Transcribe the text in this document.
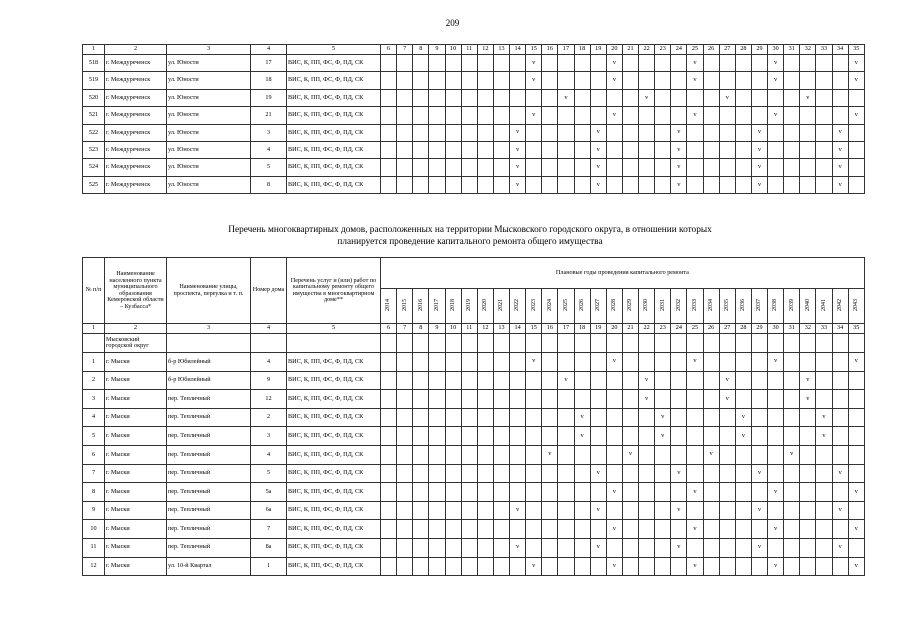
209
1	2	3	4	5	6	7	8	9	10	11	12	13	14	15	16	17	18	19	20	21	22	23	24	25	26	27	28	29	30	31	32	33	34	35
518	г. Междуреченск	ул. Юности	17	ВИС, К, ПП, ФС, Ф, ПД, СК										v					v					v					v					v
519	г. Междуреченск	ул. Юности	18	ВИС, К, ПП, ФС, Ф, ПД, СК										v					v					v					v					v
520	г. Междуреченск	ул. Юности	19	ВИС, К, ПП, ФС, Ф, ПД, СК												v					v					v					v			
521	г. Междуреченск	ул. Юности	21	ВИС, К, ПП, ФС, Ф, ПД, СК										v					v					v					v					v
522	г. Междуреченск	ул. Юности	3	ВИС, К, ПП, ФС, Ф, ПД, СК									v					v					v					v					v	
523	г. Междуреченск	ул. Юности	4	ВИС, К, ПП, ФС, Ф, ПД, СК									v					v					v					v					v	
524	г. Междуреченск	ул. Юности	5	ВИС, К, ПП, ФС, Ф, ПД, СК									v					v					v					v					v	
525	г. Междуреченск	ул. Юности	8	ВИС, К, ПП, ФС, Ф, ПД, СК									v					v					v					v					v	
Перечень многоквартирных домов, расположенных на территории Мысковского городского округа, в отношении которых
планируется проведение капитального ремонта общего имущества
№ п/п	Наименование населенного пункта муниципального образования Кемеровской области – Кузбасса*	Наименование улицы, проспекта, переулка и т. п.	Номер дома	Перечень услуг и (или) работ по капитальному ремонту общего имущества в многоквартирном доме**	Плановые годы проведения капитального ремонта																													
					2014	2015	2016	2017	2018	2019	2020	2021	2022	2023	2024	2025	2026	2027	2028	2029	2030	2031	2032	2033	2034	2035	2036	2037	2038	2039	2040	2041	2042	2043
1	2	3	4	5	6	7	8	9	10	11	12	13	14	15	16	17	18	19	20	21	22	23	24	25	26	27	28	29	30	31	32	33	34	35
	Мысковский городской округ																																	
1	г. Мыски	б-р Юбилейный	4	ВИС, К, ПП, ФС, Ф, ПД, СК										v					v					v					v					v
2	г. Мыски	б-р Юбилейный	9	ВИС, К, ПП, ФС, Ф, ПД, СК												v					v					v					v			
3	г. Мыски	пер. Тепличный	12	ВИС, К, ПП, ФС, Ф, ПД, СК																	v					v					v			
4	г. Мыски	пер. Тепличный	2	ВИС, К, ПП, ФС, Ф, ПД, СК													v					v					v					v		
5	г. Мыски	пер. Тепличный	3	ВИС, К, ПП, ФС, Ф, ПД, СК													v					v					v					v		
6	г. Мыски	пер. Тепличный	4	ВИС, К, ПП, ФС, Ф, ПД, СК											v					v					v					v				
7	г. Мыски	пер. Тепличный	5	ВИС, К, ПП, ФС, Ф, ПД, СК														v					v					v					v	
8	г. Мыски	пер. Тепличный	5а	ВИС, К, ПП, ФС, Ф, ПД, СК															v					v					v					v
9	г. Мыски	пер. Тепличный	6а	ВИС, К, ПП, ФС, Ф, ПД, СК									v					v					v					v					v	
10	г. Мыски	пер. Тепличный	7	ВИС, К, ПП, ФС, Ф, ПД, СК															v					v					v					v
11	г. Мыски	пер. Тепличный	8а	ВИС, К, ПП, ФС, Ф, ПД, СК									v					v					v					v					v	
12	г. Мыски	ул. 10-й Квартал	1	ВИС, К, ПП, ФС, Ф, ПД, СК										v					v					v					v					v
